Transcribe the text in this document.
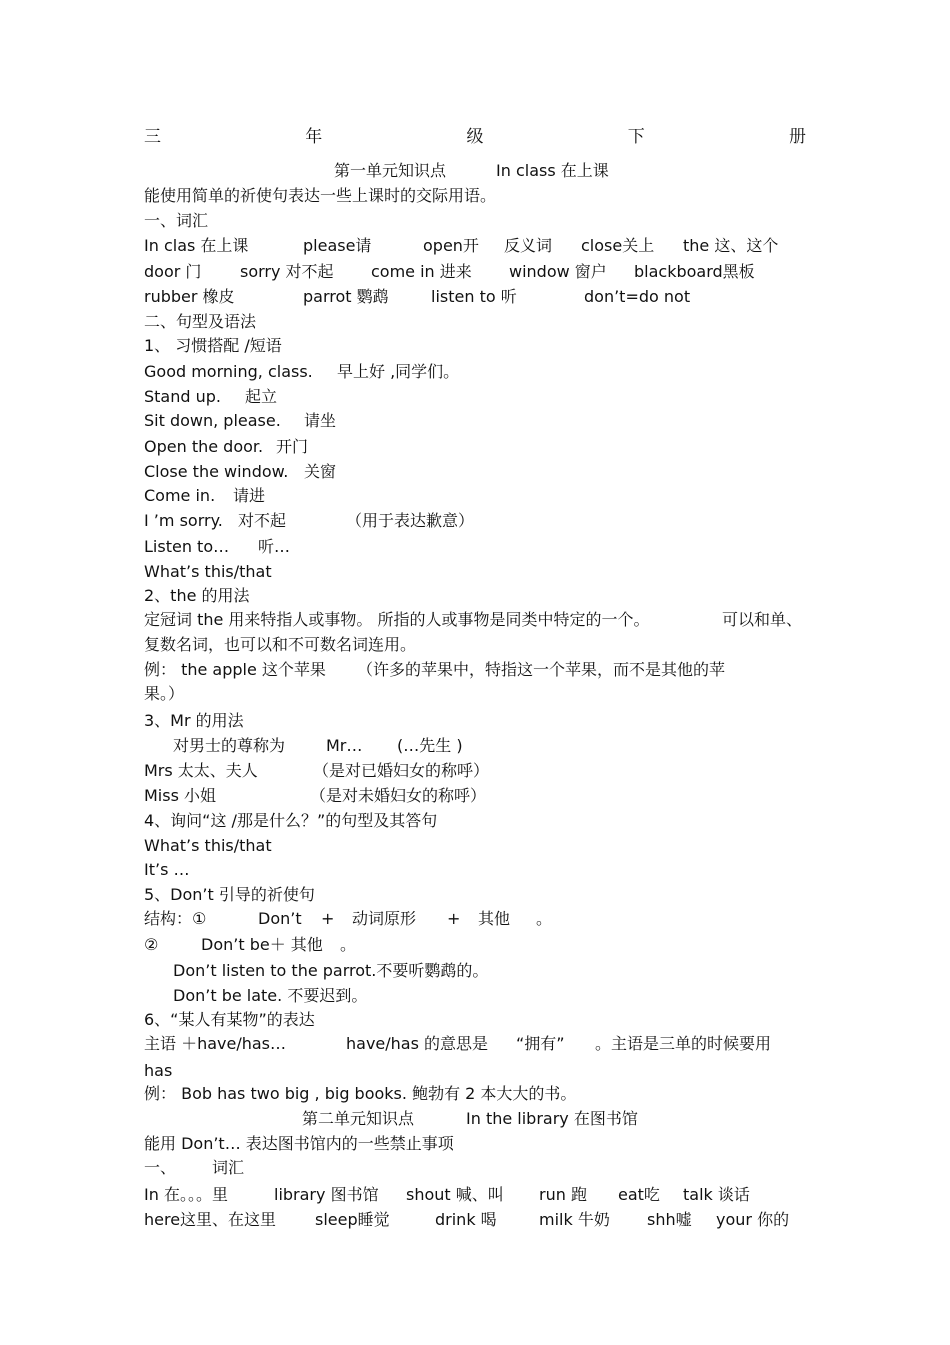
三	年	级	下	册
第一单元知识点	In class 在上课
能使用简单的祈使句表达一些上课时的交际用语。
一、词汇
In clas 在上课	please请	open开 反义词 close关上 the 这、这个
door 门 sorry 对不起 come in 进来 window 窗户 blackboard黑板
rubber 橡皮	parrot 鹦鹉	listen to 听	don’t=do not
二、句型及语法
1、 习惯搭配 /短语
Good morning, class. 早上好 ,同学们。
Stand up. 起立
Sit down, please. 请坐
Open the door. 开门
Close the window. 关窗
Come in. 请进
I ’m sorry. 对不起	（用于表达歉意）
Listen to… 听…
What’s this/that
2、the 的用法
定冠词 the 用来特指人或事物。 所指的人或事物是同类中特定的一个。	可以和单、
复数名词，也可以和不可数名词连用。
例： the apple 这个苹果 （许多的苹果中，特指这一个苹果，而不是其他的苹
果。）
3、Mr 的用法
对男士的尊称为	Mr… (…先生 )
Mrs 太太、夫人	（是对已婚妇女的称呼）
Miss 小姐	（是对未婚妇女的称呼）
4、询问“这 /那是什么？”的句型及其答句
What’s this/that
It’s …
5、Don’t 引导的祈使句
结构：①	Don’t + 动词原形 + 其他 。
②	Don’t be＋ 其他 。
Don’t listen to the parrot.不要听鹦鹉的。
Don’t be late. 不要迟到。
6、“某人有某物”的表达
主语 ＋have/has…	have/has 的意思是 “拥有” 。主语是三单的时候要用
has
例： Bob has two big , big books. 鲍勃有 2 本大大的书。
第二单元知识点	In the library 在图书馆
能用 Don’t… 表达图书馆内的一些禁止事项
一、 词汇
In 在。。。里	library 图书馆 shout 喊、叫 run 跑 eat吃 talk 谈话
here这里、在这里 sleep睡觉	drink 喝	milk 牛奶 shh嘘 your 你的
